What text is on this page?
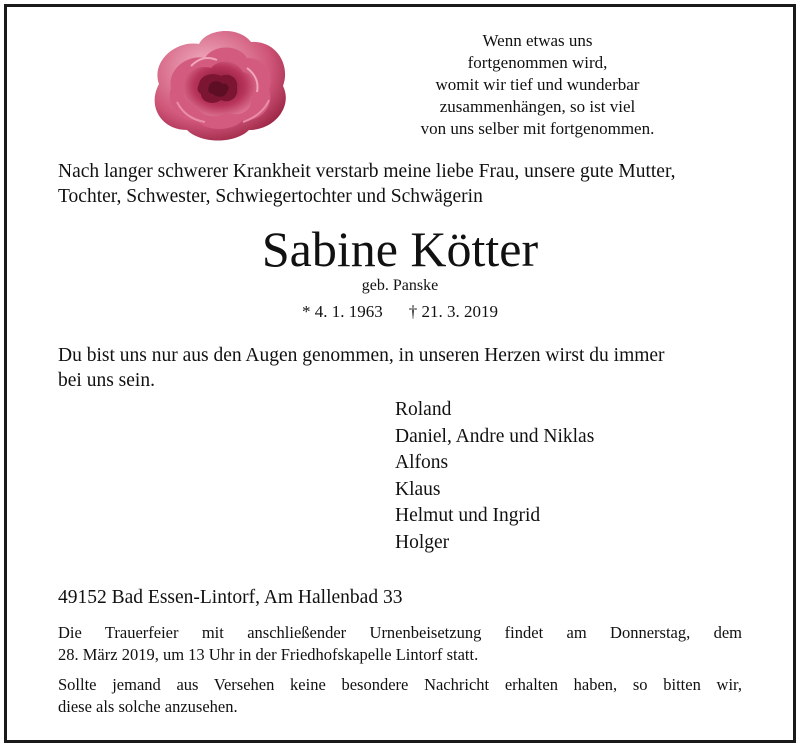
Wenn etwas uns
fortgenommen wird,
womit wir tief und wunderbar
zusammenhängen, so ist viel
von uns selber mit fortgenommen.
Nach langer schwerer Krankheit verstarb meine liebe Frau, unsere gute Mutter,
Tochter, Schwester, Schwiegertochter und Schwägerin
Sabine Kötter
geb. Panske
* 4. 1. 1963 † 21. 3. 2019
Du bist uns nur aus den Augen genommen, in unseren Herzen wirst du immer
bei uns sein.
Roland
Daniel, Andre und Niklas
Alfons
Klaus
Helmut und Ingrid
Holger
49152 Bad Essen-Lintorf, Am Hallenbad 33
Die Trauerfeier mit anschließender Urnenbeisetzung findet am Donnerstag, dem
28. März 2019, um 13 Uhr in der Friedhofskapelle Lintorf statt.
Sollte jemand aus Versehen keine besondere Nachricht erhalten haben, so bitten wir,
diese als solche anzusehen.
